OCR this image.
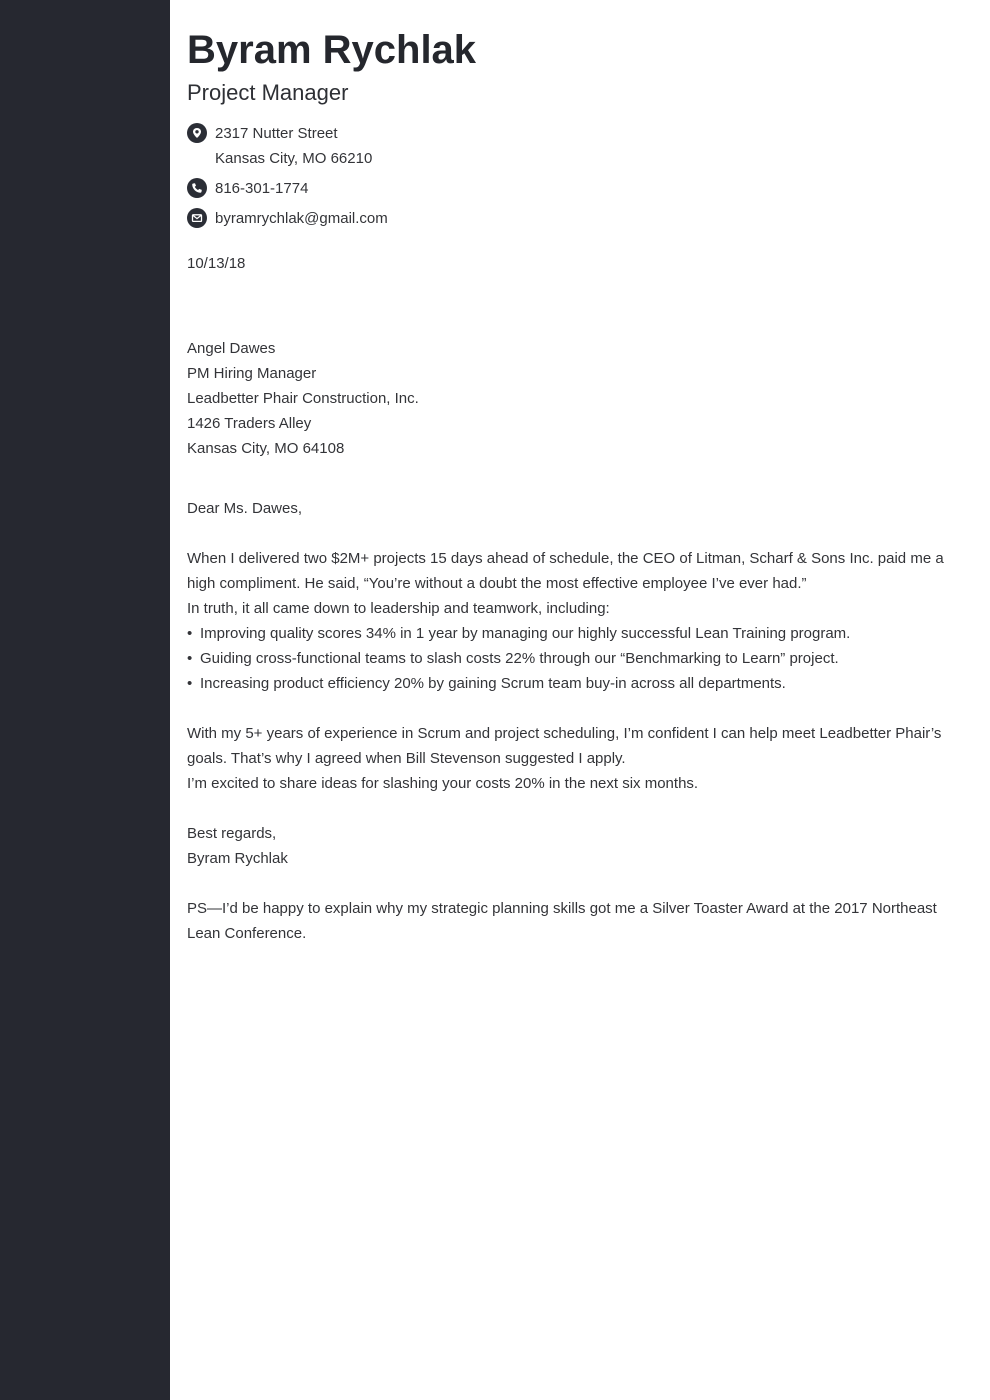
Byram Rychlak
Project Manager
2317 Nutter Street
Kansas City, MO 66210
816-301-1774
byramrychlak@gmail.com

10/13/18

Angel Dawes

PM Hiring Manager

Leadbetter Phair Construction, Inc.

1426 Traders Alley

Kansas City, MO 64108

Dear Ms. Dawes,

When I delivered two $2M+ projects 15 days ahead of schedule, the CEO of Litman, Scharf & Sons Inc. paid me a high compliment. He said, “You’re without a doubt the most effective employee I’ve ever had.”

In truth, it all came down to leadership and teamwork, including:

• Improving quality scores 34% in 1 year by managing our highly successful Lean Training program.
• Guiding cross-functional teams to slash costs 22% through our “Benchmarking to Learn” project.
• Increasing product efficiency 20% by gaining Scrum team buy-in across all departments.

With my 5+ years of experience in Scrum and project scheduling, I’m confident I can help meet Leadbetter Phair’s goals. That’s why I agreed when Bill Stevenson suggested I apply.

I’m excited to share ideas for slashing your costs 20% in the next six months.

Best regards,

Byram Rychlak

PS—I’d be happy to explain why my strategic planning skills got me a Silver Toaster Award at the 2017 Northeast Lean Conference.
